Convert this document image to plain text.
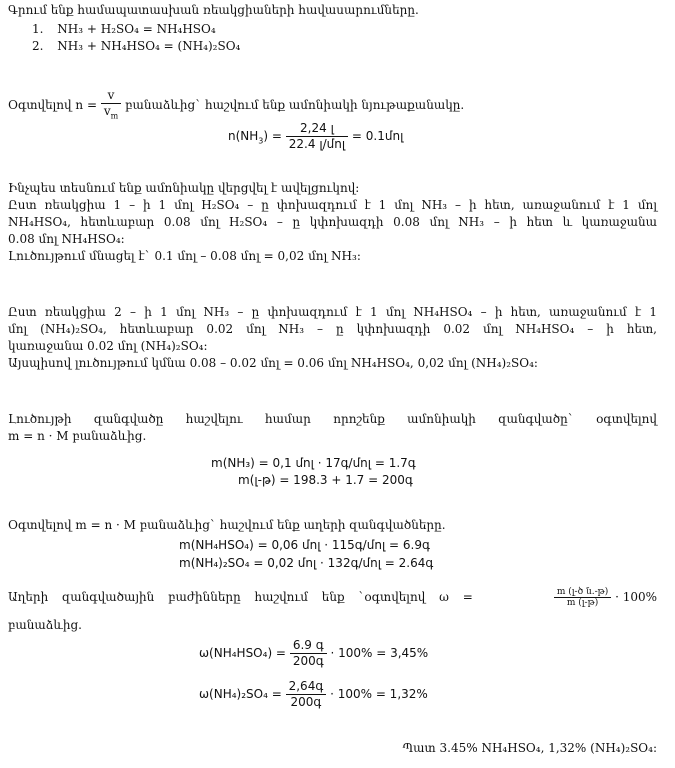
Գրում ենք համապատասխան ռեակցիաների հավասարումները.
1. NH₃ + H₂SO₄ = NH₄HSO₄
2. NH₃ + NH₄HSO₄ = (NH₄)₂SO₄
Օգտվելով $n = \frac{v}{v_m}$ բանաձևից` հաշվում ենք ամոնիակի նյութաքանակը.
$n(NH_3) = \frac{\text{2,24 լ}}{\text{22.4 լ/մոլ}}$ = 0.1մոլ
Ինչպես տեսնում ենք ամոնիակը վերցվել է ավելցուկով:
Ըստ ռեակցիա 1 – ի 1 մոլ H₂SO₄ – ը փոխազդում է 1 մոլ NH₃ – ի հետ, առաջանում է 1 մոլ
NH₄HSO₄, հետևաբար 0.08 մոլ H₂SO₄ – ը կփոխազդի 0.08 մոլ NH₃ – ի հետ և կառաջանա
0.08 մոլ NH₄HSO₄:
Լուծույթում մնացել է` 0.1 մոլ – 0.08 մոլ = 0,02 մոլ NH₃:
Ըստ ռեակցիա 2 – ի 1 մոլ NH₃ – ը փոխազդում է 1 մոլ NH₄HSO₄ – ի հետ, առաջանում է 1
մոլ (NH₄)₂SO₄, հետևաբար 0.02 մոլ NH₃ – ը կփոխազդի 0.02 մոլ NH₄HSO₄ – ի հետ,
կառաջանա 0.02 մոլ (NH₄)₂SO₄:
Այսպիսով լուծույթում կմնա 0.08 – 0.02 մոլ = 0.06 մոլ NH₄HSO₄, 0,02 մոլ (NH₄)₂SO₄:
Լուծույթի զանգվածը հաշվելու համար որոշենք ամոնիակի զանգվածը` օգտվելով
m = n · M բանաձևից.
m(NH₃) = 0,1 մոլ · 17գ/մոլ = 1.7գ
m(լ-թ) = 198.3 + 1.7 = 200գ
Օգտվելով m = n · M բանաձևից` հաշվում ենք աղերի զանգվածները.
m(NH₄HSO₄) = 0,06 մոլ · 115գ/մոլ = 6.9գ
m(NH₄)₂SO₄ = 0,02 մոլ · 132գ/մոլ = 2.64գ
Աղերի զանգվածային բաժինները հաշվում ենք `օգտվելով ω =	$\frac{\text{m (լ-ծ ն.-թ)}}{\text{m (լ-թ)}} \cdot 100\%$
բանաձևից.
$\omega(NH_4HSO_4) = \frac{\text{6.9 գ}}{\text{200գ}} \cdot 100\% = 3,45\%$
$\omega(NH_4)_2SO_4 = \frac{\text{2,64գ}}{\text{200գ}} \cdot 100\% = 1,32\%$
Պատ 3.45% NH₄HSO₄, 1,32% (NH₄)₂SO₄:
